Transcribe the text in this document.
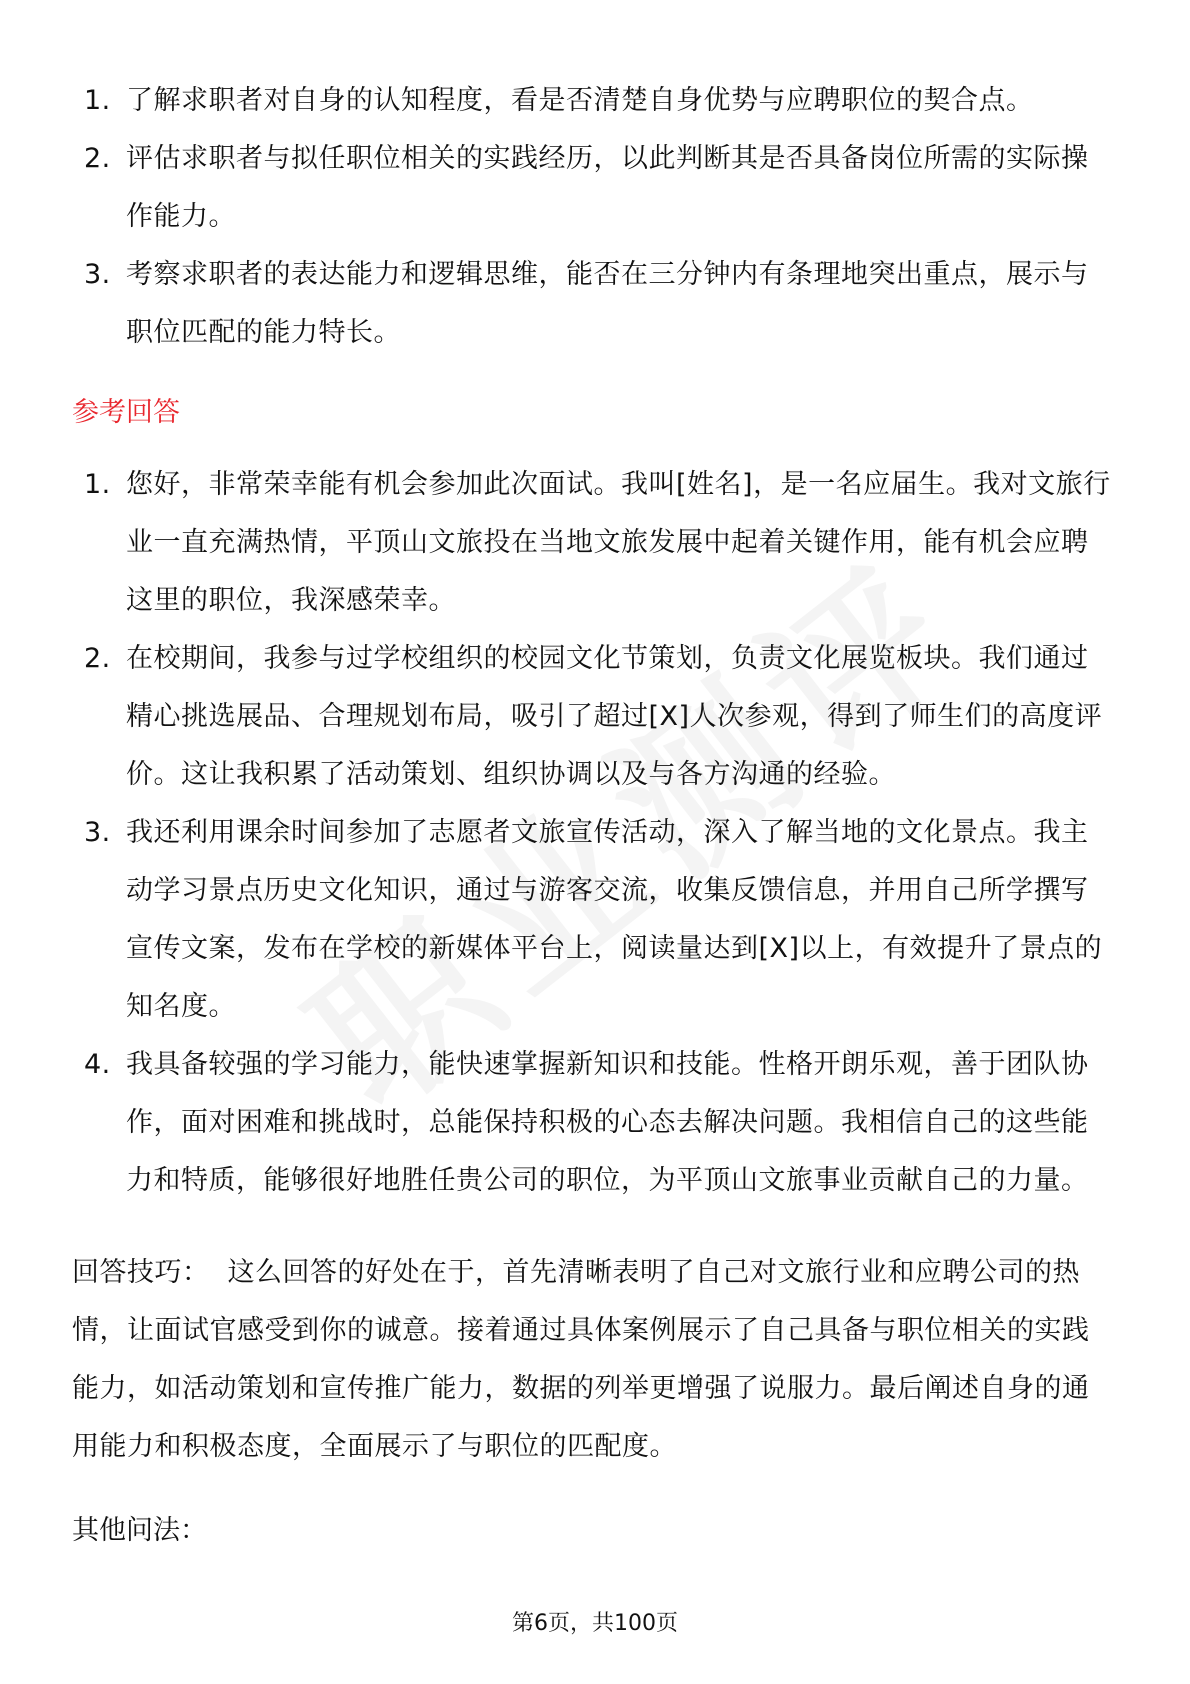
1. 了解求职者对自身的认知程度，看是否清楚自身优势与应聘职位的契合点。
2. 评估求职者与拟任职位相关的实践经历，以此判断其是否具备岗位所需的实际操作能力。
3. 考察求职者的表达能力和逻辑思维，能否在三分钟内有条理地突出重点，展示与职位匹配的能力特长。
参考回答
1. 您好，非常荣幸能有机会参加此次面试。我叫[姓名]，是一名应届生。我对文旅行业一直充满热情，平顶山文旅投在当地文旅发展中起着关键作用，能有机会应聘这里的职位，我深感荣幸。
2. 在校期间，我参与过学校组织的校园文化节策划，负责文化展览板块。我们通过精心挑选展品、合理规划布局，吸引了超过[X]人次参观，得到了师生们的高度评价。这让我积累了活动策划、组织协调以及与各方沟通的经验。
3. 我还利用课余时间参加了志愿者文旅宣传活动，深入了解当地的文化景点。我主动学习景点历史文化知识，通过与游客交流，收集反馈信息，并用自己所学撰写宣传文案，发布在学校的新媒体平台上，阅读量达到[X]以上，有效提升了景点的知名度。
4. 我具备较强的学习能力，能快速掌握新知识和技能。性格开朗乐观，善于团队协作，面对困难和挑战时，总能保持积极的心态去解决问题。我相信自己的这些能力和特质，能够很好地胜任贵公司的职位，为平顶山文旅事业贡献自己的力量。
回答技巧： 这么回答的好处在于，首先清晰表明了自己对文旅行业和应聘公司的热情，让面试官感受到你的诚意。接着通过具体案例展示了自己具备与职位相关的实践能力，如活动策划和宣传推广能力，数据的列举更增强了说服力。最后阐述自身的通用能力和积极态度，全面展示了与职位的匹配度。
其他问法：
第6页，共100页
